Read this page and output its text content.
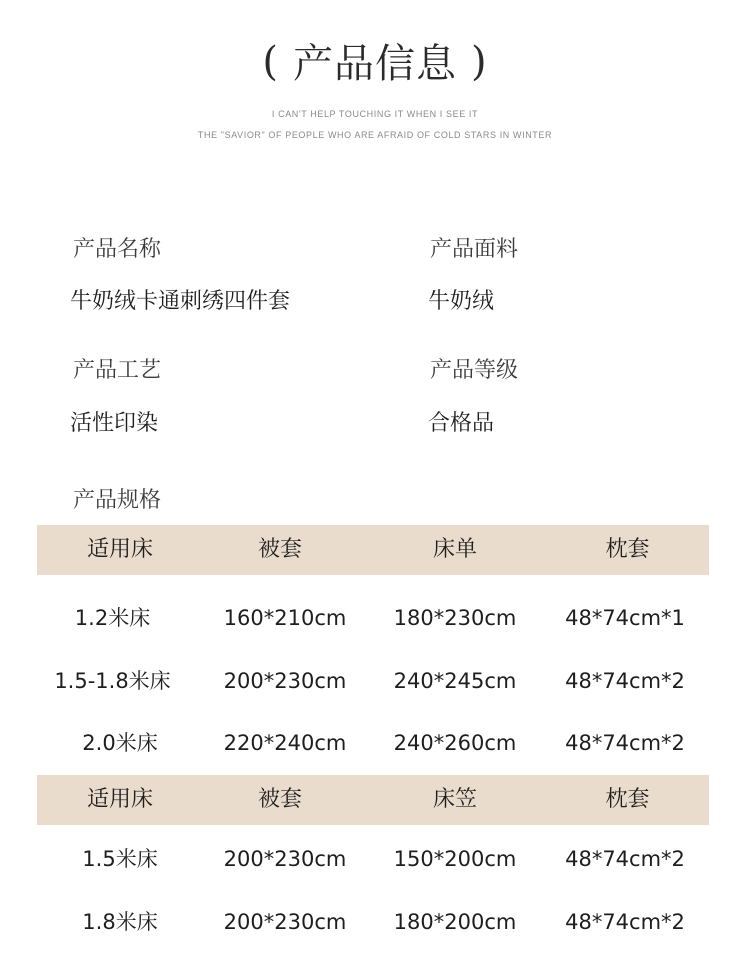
( 产品信息 )
I CAN'T HELP TOUCHING IT WHEN I SEE IT
THE "SAVIOR" OF PEOPLE WHO ARE AFRAID OF COLD STARS IN WINTER
产品名称
牛奶绒卡通刺绣四件套
产品面料
牛奶绒
产品工艺
活性印染
产品等级
合格品
产品规格
适用床	被套	床单	枕套
1.2米床	160*210cm	180*230cm	48*74cm*1
1.5-1.8米床	200*230cm	240*245cm	48*74cm*2
2.0米床	220*240cm	240*260cm	48*74cm*2
适用床	被套	床笠	枕套
1.5米床	200*230cm	150*200cm	48*74cm*2
1.8米床	200*230cm	180*200cm	48*74cm*2
